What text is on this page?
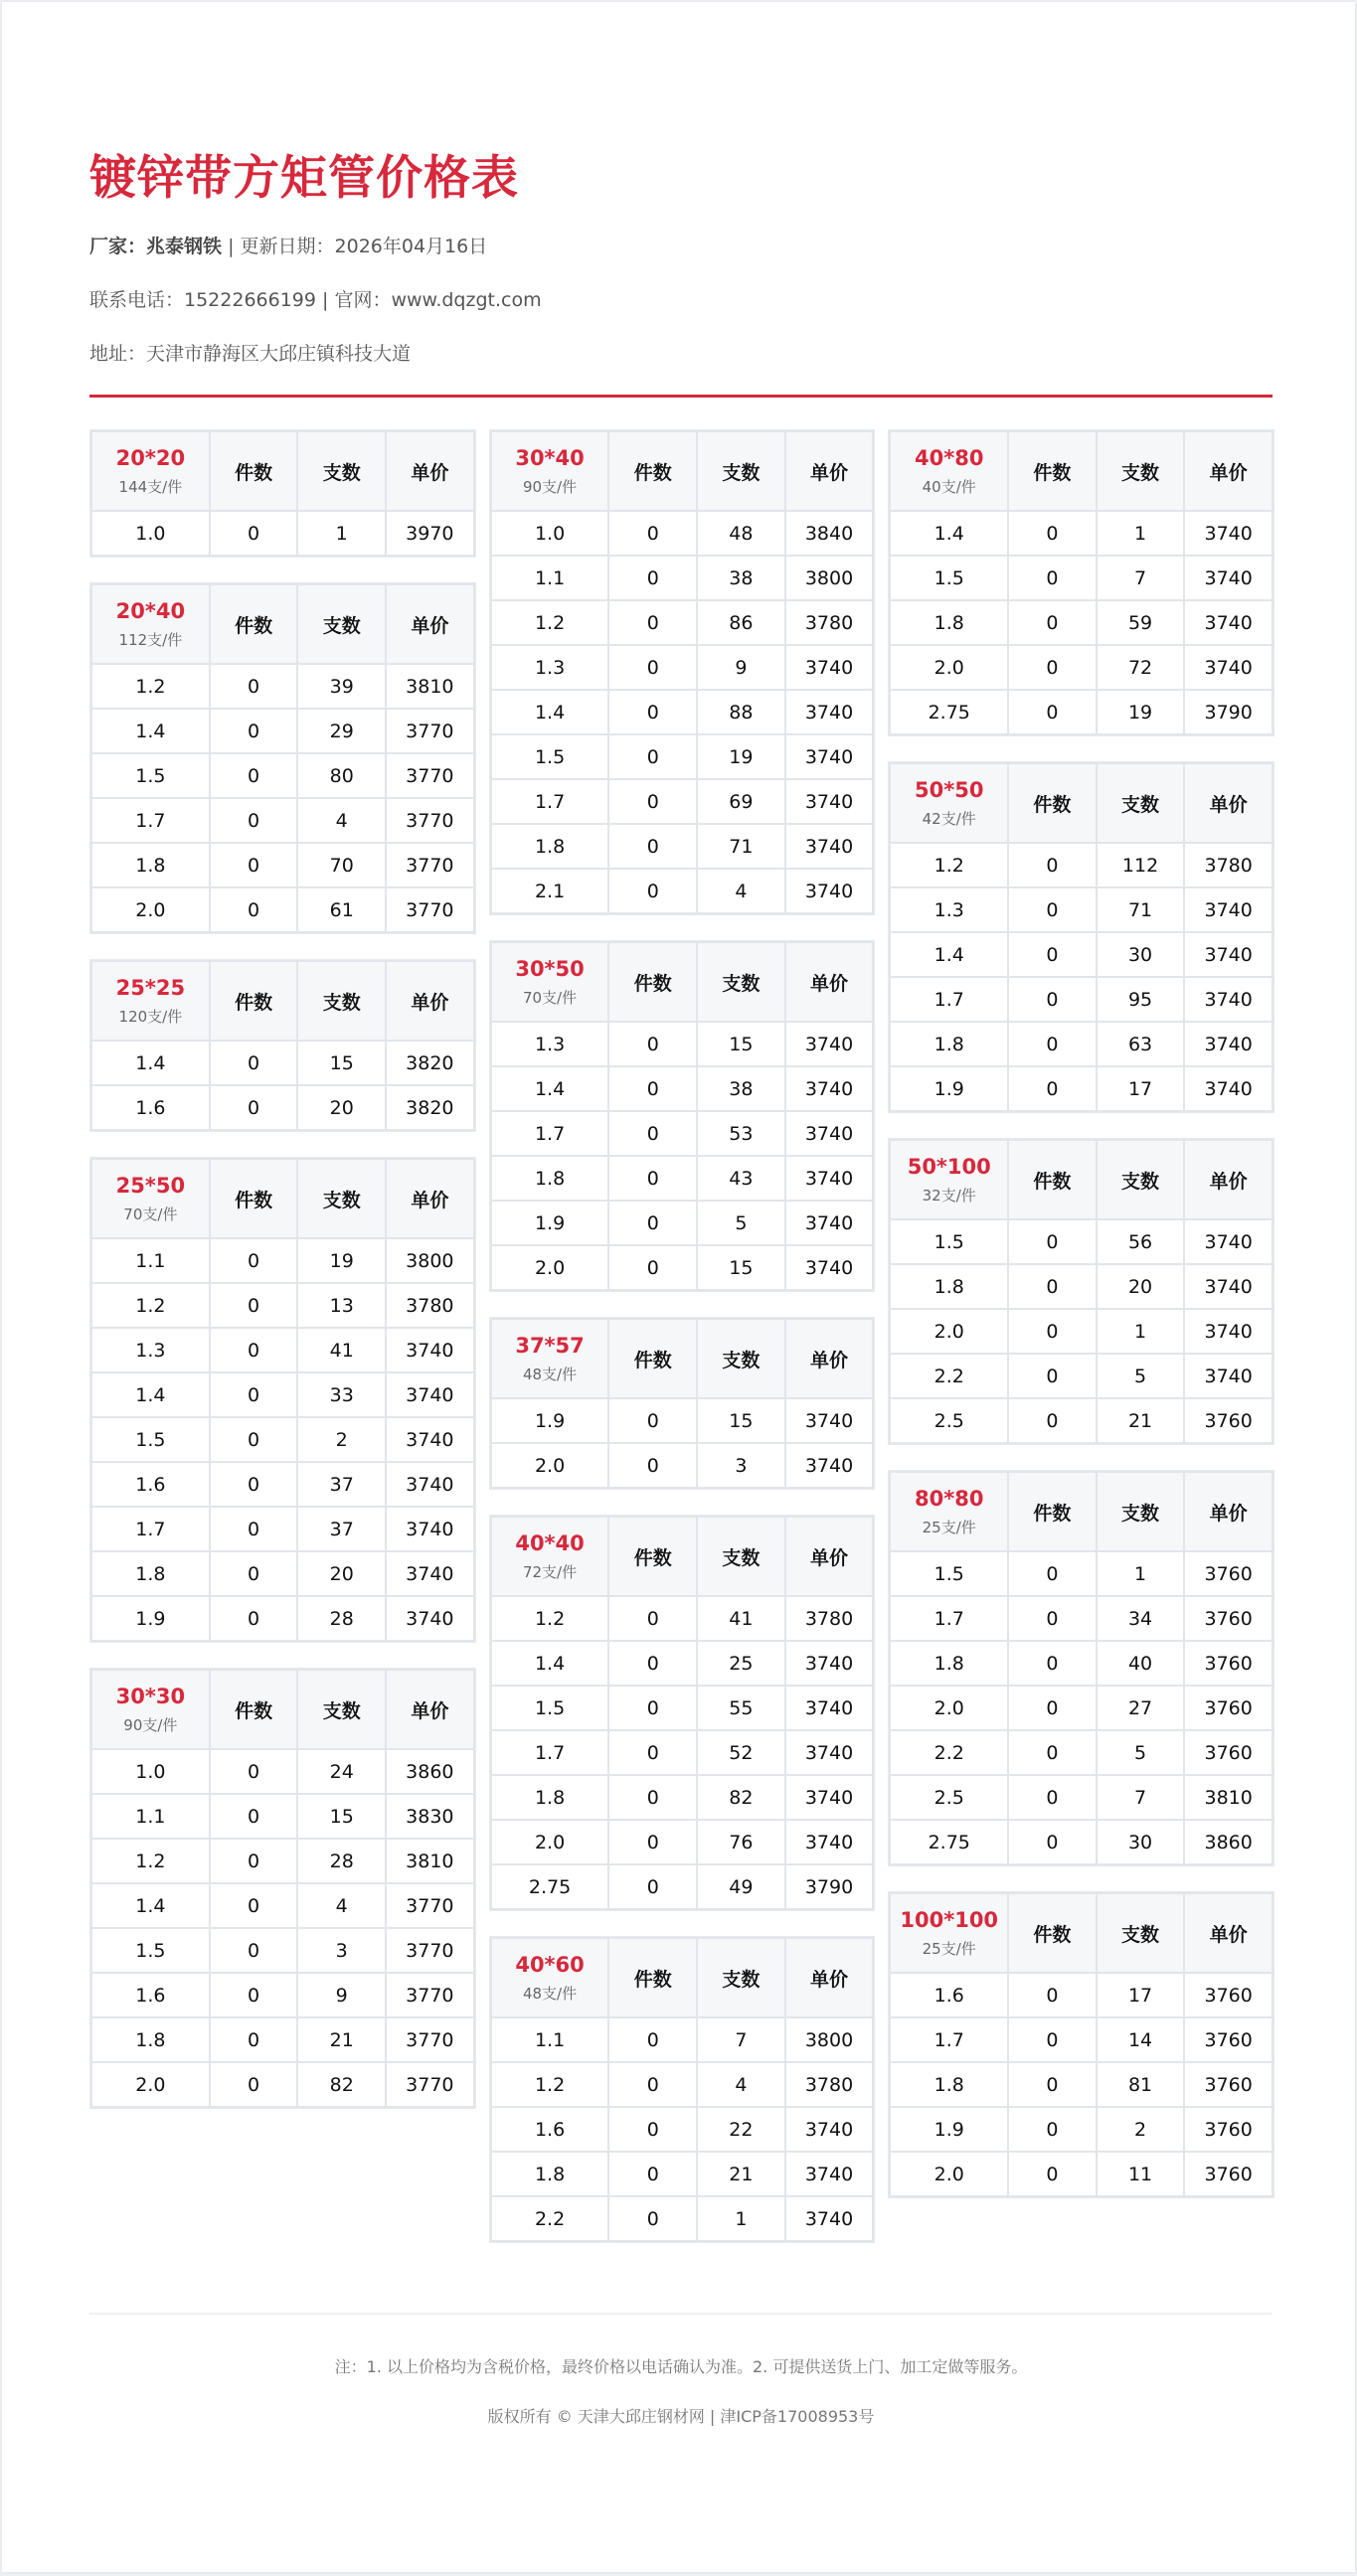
镀锌带方矩管价格表
厂家：兆泰钢铁 | 更新日期：2026年04月16日
联系电话：15222666199 | 官网：www.dqzgt.com
地址：天津市静海区大邱庄镇科技大道
20*20
144支/件	件数	支数	单价
1.0	0	1	3970
20*40
112支/件	件数	支数	单价
1.2	0	39	3810
1.4	0	29	3770
1.5	0	80	3770
1.7	0	4	3770
1.8	0	70	3770
2.0	0	61	3770
25*25
120支/件	件数	支数	单价
1.4	0	15	3820
1.6	0	20	3820
25*50
70支/件	件数	支数	单价
1.1	0	19	3800
1.2	0	13	3780
1.3	0	41	3740
1.4	0	33	3740
1.5	0	2	3740
1.6	0	37	3740
1.7	0	37	3740
1.8	0	20	3740
1.9	0	28	3740
30*30
90支/件	件数	支数	单价
1.0	0	24	3860
1.1	0	15	3830
1.2	0	28	3810
1.4	0	4	3770
1.5	0	3	3770
1.6	0	9	3770
1.8	0	21	3770
2.0	0	82	3770
30*40
90支/件	件数	支数	单价
1.0	0	48	3840
1.1	0	38	3800
1.2	0	86	3780
1.3	0	9	3740
1.4	0	88	3740
1.5	0	19	3740
1.7	0	69	3740
1.8	0	71	3740
2.1	0	4	3740
30*50
70支/件	件数	支数	单价
1.3	0	15	3740
1.4	0	38	3740
1.7	0	53	3740
1.8	0	43	3740
1.9	0	5	3740
2.0	0	15	3740
37*57
48支/件	件数	支数	单价
1.9	0	15	3740
2.0	0	3	3740
40*40
72支/件	件数	支数	单价
1.2	0	41	3780
1.4	0	25	3740
1.5	0	55	3740
1.7	0	52	3740
1.8	0	82	3740
2.0	0	76	3740
2.75	0	49	3790
40*60
48支/件	件数	支数	单价
1.1	0	7	3800
1.2	0	4	3780
1.6	0	22	3740
1.8	0	21	3740
2.2	0	1	3740
40*80
40支/件	件数	支数	单价
1.4	0	1	3740
1.5	0	7	3740
1.8	0	59	3740
2.0	0	72	3740
2.75	0	19	3790
50*50
42支/件	件数	支数	单价
1.2	0	112	3780
1.3	0	71	3740
1.4	0	30	3740
1.7	0	95	3740
1.8	0	63	3740
1.9	0	17	3740
50*100
32支/件	件数	支数	单价
1.5	0	56	3740
1.8	0	20	3740
2.0	0	1	3740
2.2	0	5	3740
2.5	0	21	3760
80*80
25支/件	件数	支数	单价
1.5	0	1	3760
1.7	0	34	3760
1.8	0	40	3760
2.0	0	27	3760
2.2	0	5	3760
2.5	0	7	3810
2.75	0	30	3860
100*100
25支/件	件数	支数	单价
1.6	0	17	3760
1.7	0	14	3760
1.8	0	81	3760
1.9	0	2	3760
2.0	0	11	3760
注：1. 以上价格均为含税价格，最终价格以电话确认为准。2. 可提供送货上门、加工定做等服务。
版权所有 © 天津大邱庄钢材网 | 津ICP备17008953号
